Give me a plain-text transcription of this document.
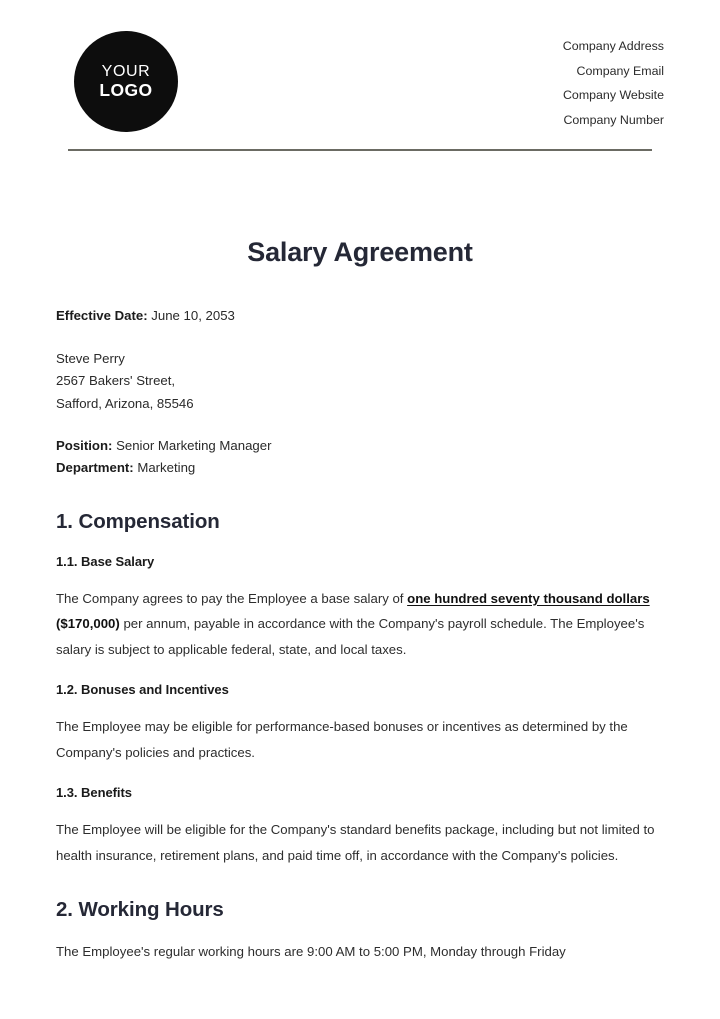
YOUR
LOGO
Company Address
Company Email
Company Website
Company Number
Salary Agreement
Effective Date: June 10, 2053
Steve Perry
2567 Bakers' Street,
Safford, Arizona, 85546
Position: Senior Marketing Manager
Department: Marketing
1. Compensation
1.1. Base Salary

The Company agrees to pay the Employee a base salary of one hundred seventy thousand dollars ($170,000) per annum, payable in accordance with the Company's payroll schedule. The Employee's salary is subject to applicable federal, state, and local taxes.

1.2. Bonuses and Incentives

The Employee may be eligible for performance-based bonuses or incentives as determined by the Company's policies and practices.

1.3. Benefits

The Employee will be eligible for the Company's standard benefits package, including but not limited to health insurance, retirement plans, and paid time off, in accordance with the Company's policies.

2. Working Hours
The Employee's regular working hours are 9:00 AM to 5:00 PM, Monday through Friday
